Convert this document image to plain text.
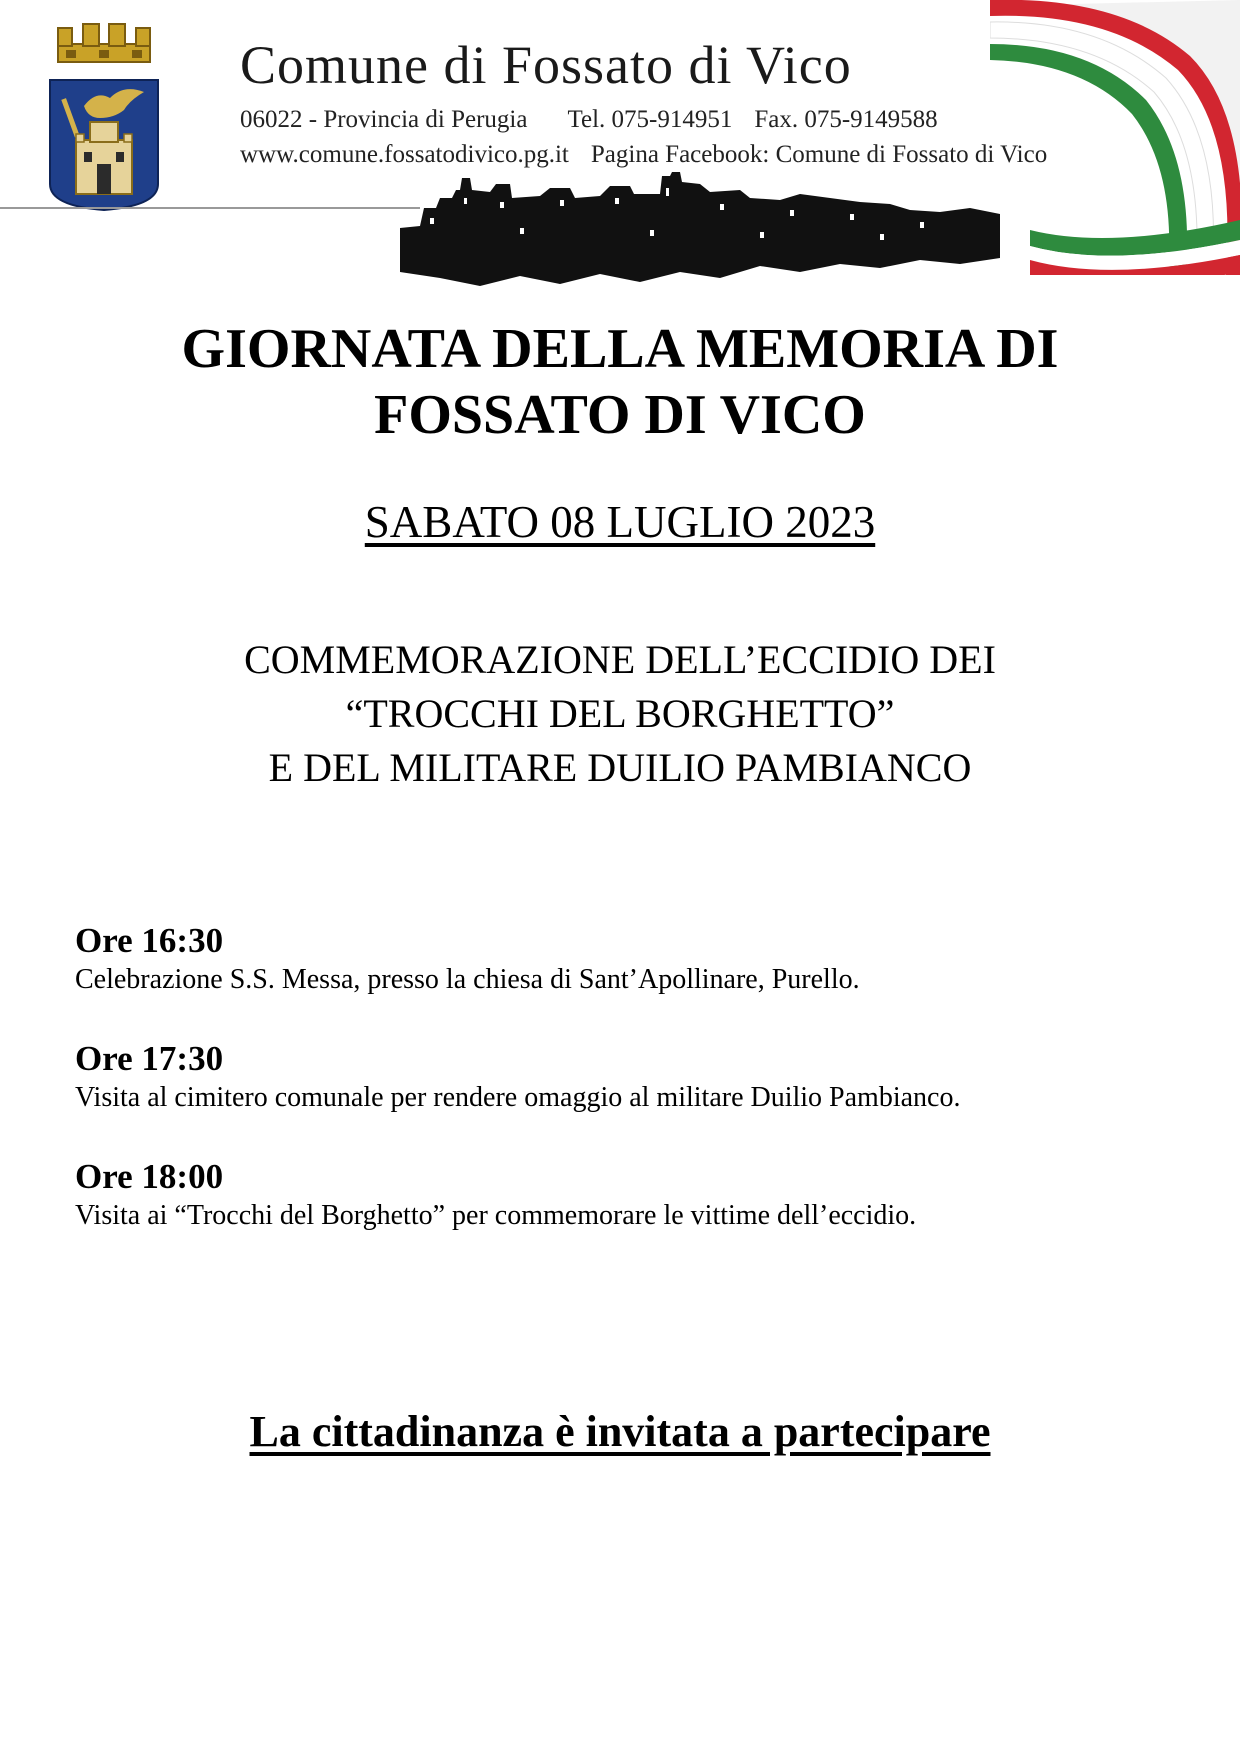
Comune di Fossato di Vico
06022 - Provincia di Perugia Tel. 075-914951 Fax. 075-9149588
www.comune.fossatodivico.pg.it Pagina Facebook: Comune di Fossato di Vico
GIORNATA DELLA MEMORIA DI
FOSSATO DI VICO
SABATO 08 LUGLIO 2023
COMMEMORAZIONE DELL’ECCIDIO DEI
“TROCCHI DEL BORGHETTO”
E DEL MILITARE DUILIO PAMBIANCO
Ore 16:30
Celebrazione S.S. Messa, presso la chiesa di Sant’Apollinare, Purello.
Ore 17:30
Visita al cimitero comunale per rendere omaggio al militare Duilio Pambianco.
Ore 18:00
Visita ai “Trocchi del Borghetto” per commemorare le vittime dell’eccidio.
La cittadinanza è invitata a partecipare
